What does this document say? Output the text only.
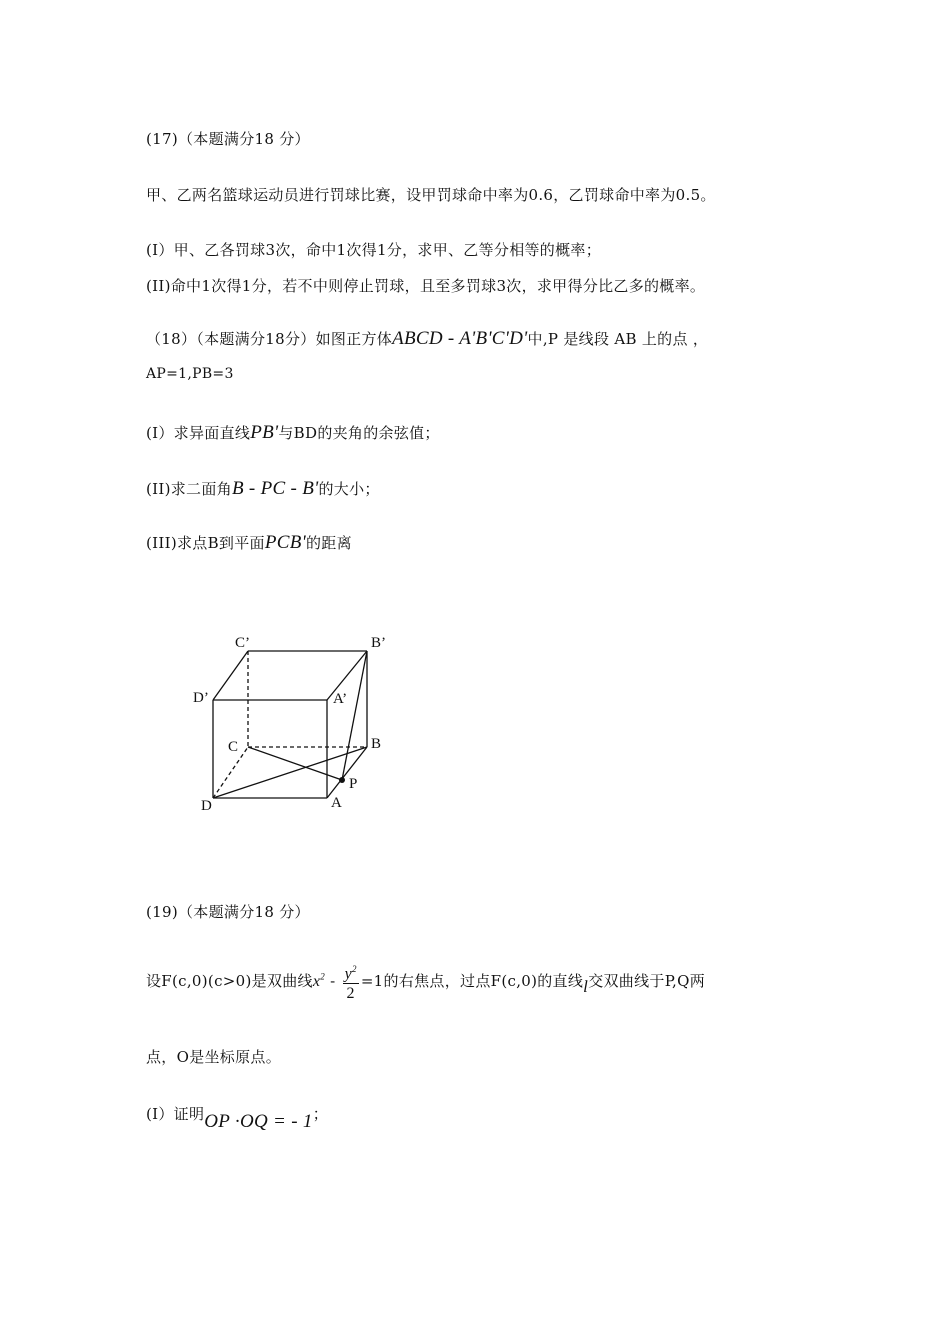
(17)（本题满分18 分）
甲、乙两名篮球运动员进行罚球比赛，设甲罚球命中率为0.6，乙罚球命中率为0.5。
(I）甲、乙各罚球3次，命中1次得1分，求甲、乙等分相等的概率；
(II)命中1次得1分，若不中则停止罚球，且至多罚球3次，求甲得分比乙多的概率。
（18）（本题满分18分）如图正方体ABCD - A'B'C'D'中,P 是线段 AB 上的点 ，
AP=1,PB=3
(I）求异面直线PB'与BD的夹角的余弦值；
(II)求二面角B - PC - B'的大小；
(III)求点B到平面PCB'的距离
C’	B’
D’	A’
C	B
P
D	A
(19)（本题满分18 分）
设F(c,0)(c>0)是双曲线$x^2 - \frac{y^2}{2} =1$的右焦点，过点F(c,0)的直线l交双曲线于P,Q两
点，O是坐标原点。
(I）证明OP ·OQ = - 1；
